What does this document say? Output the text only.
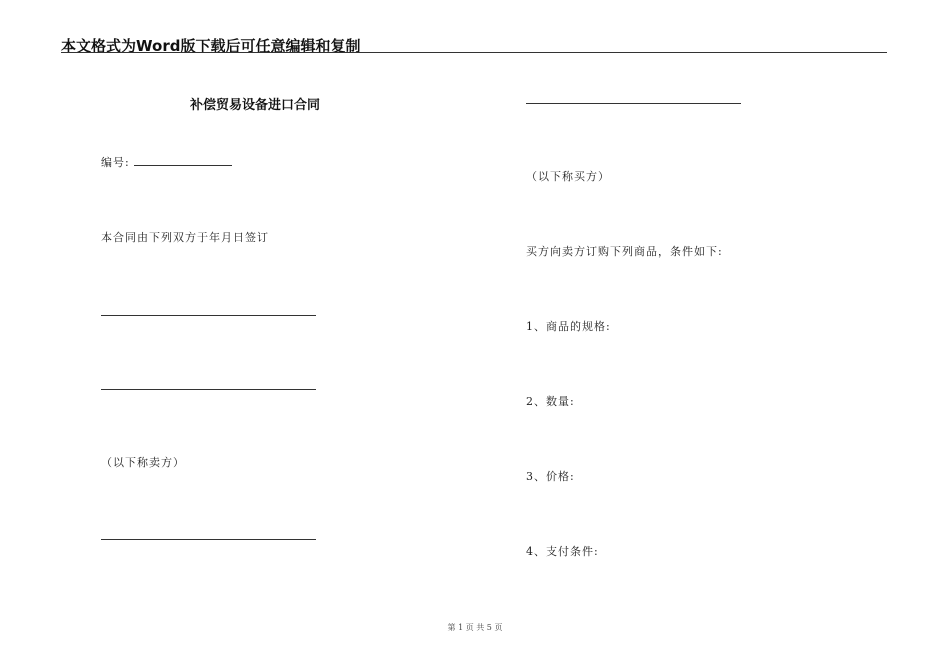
本文格式为Word版下载后可任意编辑和复制
补偿贸易设备进口合同
编号:
本合同由下列双方于年月日签订
（以下称卖方）
（以下称买方）
买方向卖方订购下列商品，条件如下:
1、商品的规格:
2、数量:
3、价格:
4、支付条件:
第 1 页 共 5 页
